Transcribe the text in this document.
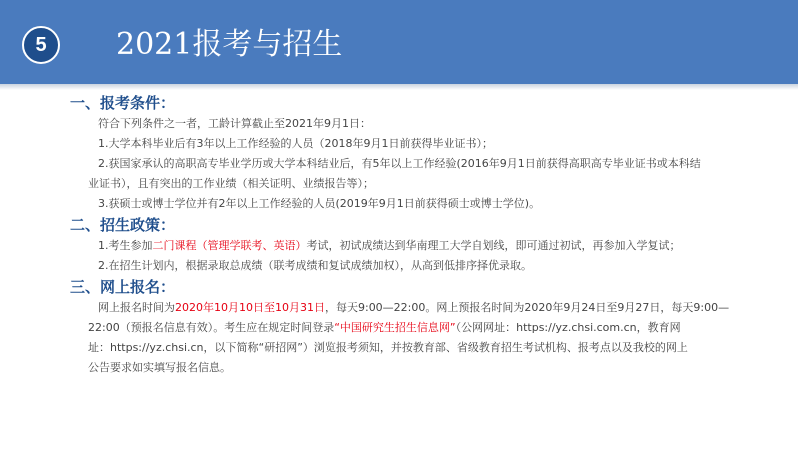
5	2021报考与招生
一、报考条件：
符合下列条件之一者，工龄计算截止至2021年9月1日：
1.大学本科毕业后有3年以上工作经验的人员（2018年9月1日前获得毕业证书）；
2.获国家承认的高职高专毕业学历或大学本科结业后，有5年以上工作经验(2016年9月1日前获得高职高专毕业证书或本科结
业证书），且有突出的工作业绩（相关证明、业绩报告等）；
3.获硕士或博士学位并有2年以上工作经验的人员(2019年9月1日前获得硕士或博士学位)。
二、招生政策：
1.考生参加二门课程（管理学联考、英语）考试，初试成绩达到华南理工大学自划线，即可通过初试，再参加入学复试；
2.在招生计划内，根据录取总成绩（联考成绩和复试成绩加权），从高到低排序择优录取。
三、网上报名：
网上报名时间为2020年10月10日至10月31日，每天9:00—22:00。网上预报名时间为2020年9月24日至9月27日，每天9:00—
22:00（预报名信息有效）。考生应在规定时间登录“中国研究生招生信息网”（公网网址：https://yz.chsi.com.cn，教育网
址：https://yz.chsi.cn，以下简称“研招网”）浏览报考须知，并按教育部、省级教育招生考试机构、报考点以及我校的网上
公告要求如实填写报名信息。
